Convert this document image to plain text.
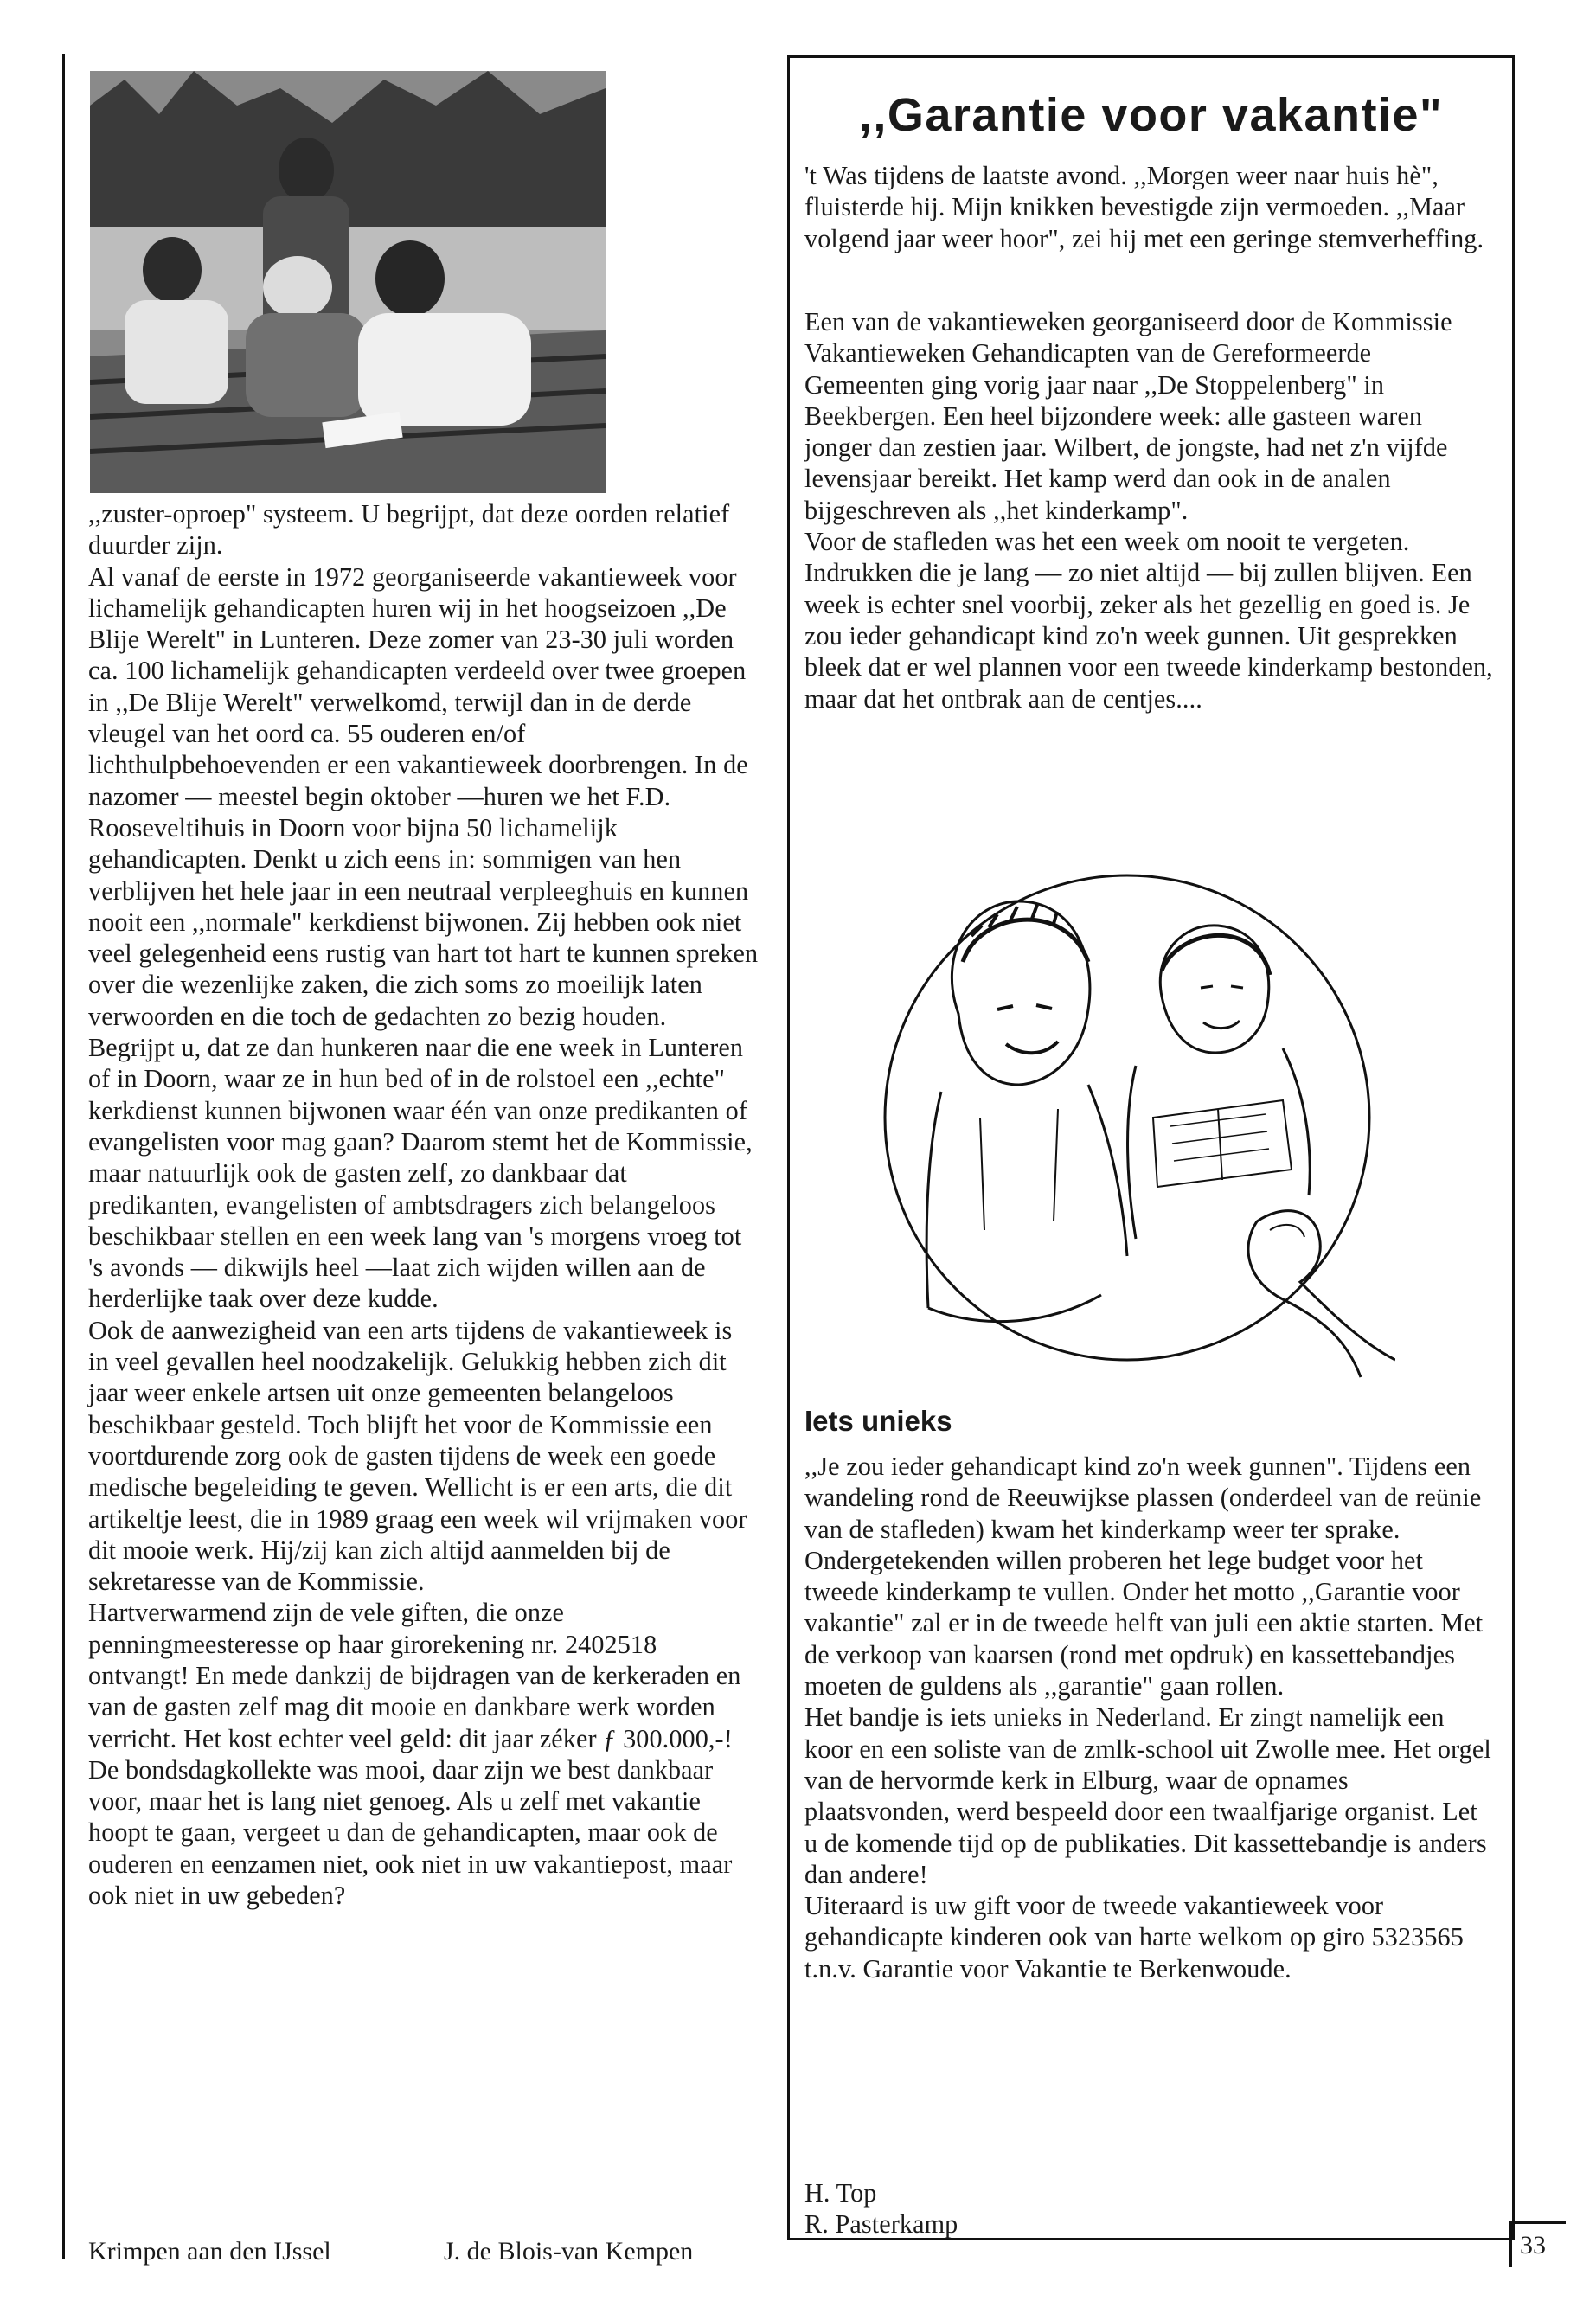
,,zuster-oproep" systeem. U begrijpt, dat deze oorden relatief duurder zijn.

Al vanaf de eerste in 1972 georganiseerde vakantieweek voor lichamelijk gehandicapten huren wij in het hoogseizoen ,,De Blije Werelt" in Lunteren. Deze zomer van 23-30 juli worden ca. 100 lichamelijk gehandicapten verdeeld over twee groepen in ,,De Blije Werelt" verwelkomd, terwijl dan in de derde vleugel van het oord ca. 55 ouderen en/of lichthulpbehoevenden er een vakantieweek doorbrengen. In de nazomer — meestel begin oktober —huren we het F.D. Rooseveltihuis in Doorn voor bijna 50 lichamelijk gehandicapten. Denkt u zich eens in: sommigen van hen verblijven het hele jaar in een neutraal verpleeghuis en kunnen nooit een ,,normale" kerkdienst bijwonen. Zij hebben ook niet veel gelegenheid eens rustig van hart tot hart te kunnen spreken over die wezenlijke zaken, die zich soms zo moeilijk laten verwoorden en die toch de gedachten zo bezig houden. Begrijpt u, dat ze dan hunkeren naar die ene week in Lunteren of in Doorn, waar ze in hun bed of in de rolstoel een ,,echte" kerkdienst kunnen bijwonen waar één van onze predikanten of evangelisten voor mag gaan? Daarom stemt het de Kommissie, maar natuurlijk ook de gasten zelf, zo dankbaar dat predikanten, evangelisten of ambtsdragers zich belangeloos beschikbaar stellen en een week lang van 's morgens vroeg tot 's avonds — dikwijls heel —laat zich wijden willen aan de herderlijke taak over deze kudde.

Ook de aanwezigheid van een arts tijdens de vakantieweek is in veel gevallen heel noodzakelijk. Gelukkig hebben zich dit jaar weer enkele artsen uit onze gemeenten belangeloos beschikbaar gesteld. Toch blijft het voor de Kommissie een voortdurende zorg ook de gasten tijdens de week een goede medische begeleiding te geven. Wellicht is er een arts, die dit artikeltje leest, die in 1989 graag een week wil vrijmaken voor dit mooie werk. Hij/zij kan zich altijd aanmelden bij de sekretaresse van de Kommissie.

Hartverwarmend zijn de vele giften, die onze penningmeesteresse op haar girorekening nr. 2402518 ontvangt! En mede dankzij de bijdragen van de kerkeraden en van de gasten zelf mag dit mooie en dankbare werk worden verricht. Het kost echter veel geld: dit jaar zéker ƒ 300.000,-! De bondsdagkollekte was mooi, daar zijn we best dankbaar voor, maar het is lang niet genoeg. Als u zelf met vakantie hoopt te gaan, vergeet u dan de gehandicapten, maar ook de ouderen en eenzamen niet, ook niet in uw vakantiepost, maar ook niet in uw gebeden?

Krimpen aan den IJssel	J. de Blois-van Kempen
,,Garantie voor vakantie"

't Was tijdens de laatste avond. ,,Morgen weer naar huis hè", fluisterde hij. Mijn knikken bevestigde zijn vermoeden. ,,Maar volgend jaar weer hoor", zei hij met een geringe stemverheffing.

Een van de vakantieweken georganiseerd door de Kommissie Vakantieweken Gehandicapten van de Gereformeerde Gemeenten ging vorig jaar naar ,,De Stoppelenberg" in Beekbergen. Een heel bijzondere week: alle gasteen waren jonger dan zestien jaar. Wilbert, de jongste, had net z'n vijfde levensjaar bereikt. Het kamp werd dan ook in de analen bijgeschreven als ,,het kinderkamp".

Voor de stafleden was het een week om nooit te vergeten. Indrukken die je lang — zo niet altijd — bij zullen blijven. Een week is echter snel voorbij, zeker als het gezellig en goed is. Je zou ieder gehandicapt kind zo'n week gunnen. Uit gesprekken bleek dat er wel plannen voor een tweede kinderkamp bestonden, maar dat het ontbrak aan de centjes....

Iets unieks

,,Je zou ieder gehandicapt kind zo'n week gunnen". Tijdens een wandeling rond de Reeuwijkse plassen (onderdeel van de reünie van de stafleden) kwam het kinderkamp weer ter sprake. Ondergetekenden willen proberen het lege budget voor het tweede kinderkamp te vullen. Onder het motto ,,Garantie voor vakantie" zal er in de tweede helft van juli een aktie starten. Met de verkoop van kaarsen (rond met opdruk) en kassettebandjes moeten de guldens als ,,garantie" gaan rollen.

Het bandje is iets unieks in Nederland. Er zingt namelijk een koor en een soliste van de zmlk-school uit Zwolle mee. Het orgel van de hervormde kerk in Elburg, waar de opnames plaatsvonden, werd bespeeld door een twaalfjarige organist. Let u de komende tijd op de publikaties. Dit kassettebandje is anders dan andere!

Uiteraard is uw gift voor de tweede vakantieweek voor gehandicapte kinderen ook van harte welkom op giro 5323565 t.n.v. Garantie voor Vakantie te Berkenwoude.

H. Top

R. Pasterkamp

33
